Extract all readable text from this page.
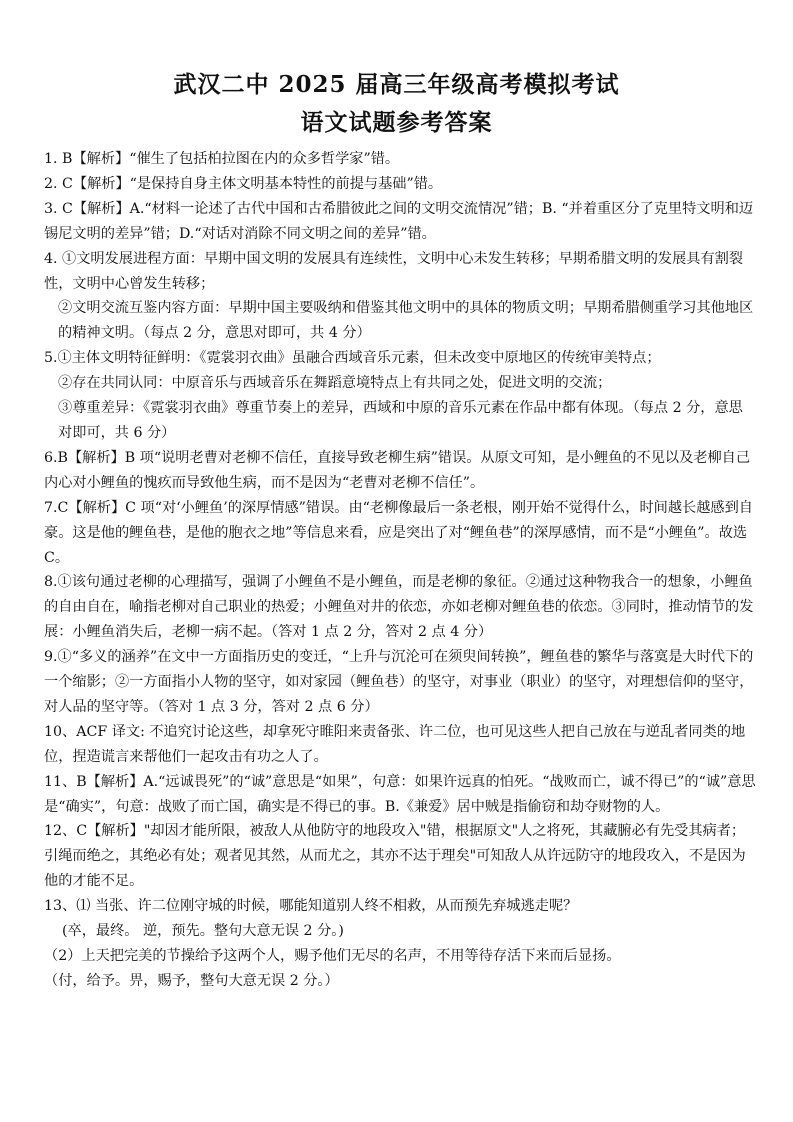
武汉二中 2025 届高三年级高考模拟考试
语文试题参考答案

1. B【解析】“催生了包括柏拉图在内的众多哲学家”错。

2. C【解析】“是保持自身主体文明基本特性的前提与基础”错。

3. C【解析】A.“材料一论述了古代中国和古希腊彼此之间的文明交流情况”错；B. “并着重区分了克里特文明和迈锡尼文明的差异”错；D.“对话对消除不同文明之间的差异”错。

4. ①文明发展进程方面：早期中国文明的发展具有连续性，文明中心未发生转移；早期希腊文明的发展具有割裂性，文明中心曾发生转移；

②文明交流互鉴内容方面：早期中国主要吸纳和借鉴其他文明中的具体的物质文明；早期希腊侧重学习其他地区的精神文明。（每点 2 分，意思对即可，共 4 分）

5.①主体文明特征鲜明：《霓裳羽衣曲》虽融合西域音乐元素，但未改变中原地区的传统审美特点；

②存在共同认同：中原音乐与西域音乐在舞蹈意境特点上有共同之处，促进文明的交流；

③尊重差异：《霓裳羽衣曲》尊重节奏上的差异，西域和中原的音乐元素在作品中都有体现。（每点 2 分，意思对即可，共 6 分）

6.B【解析】B 项“说明老曹对老柳不信任，直接导致老柳生病”错误。从原文可知，是小鲤鱼的不见以及老柳自己内心对小鲤鱼的愧疚而导致他生病，而不是因为“老曹对老柳不信任”。

7.C【解析】C 项“对‘小鲤鱼’的深厚情感”错误。由“老柳像最后一条老根，刚开始不觉得什么，时间越长越感到自豪。这是他的鲤鱼巷，是他的胞衣之地”等信息来看，应是突出了对“鲤鱼巷”的深厚感情，而不是“小鲤鱼”。故选 C。

8.①该句通过老柳的心理描写，强调了小鲤鱼不是小鲤鱼，而是老柳的象征。②通过这种物我合一的想象，小鲤鱼的自由自在，喻指老柳对自己职业的热爱；小鲤鱼对井的依恋，亦如老柳对鲤鱼巷的依恋。③同时，推动情节的发展：小鲤鱼消失后，老柳一病不起。（答对 1 点 2 分，答对 2 点 4 分）

9.①“多义的涵养”在文中一方面指历史的变迁，“上升与沉沦可在须臾间转换”，鲤鱼巷的繁华与落寞是大时代下的一个缩影；②一方面指小人物的坚守，如对家园（鲤鱼巷）的坚守，对事业（职业）的坚守，对理想信仰的坚守，对人品的坚守等。（答对 1 点 3 分，答对 2 点 6 分）

10、ACF 译文: 不追究讨论这些，却拿死守睢阳来责备张、许二位，也可见这些人把自己放在与逆乱者同类的地位，捏造谎言来帮他们一起攻击有功之人了。

11、B【解析】A.“远诚畏死”的“诚”意思是“如果”，句意：如果许远真的怕死。“战败而亡，诚不得已”的“诚”意思是“确实”，句意：战败了而亡国，确实是不得已的事。B.《兼爱》居中贼是指偷窃和劫夺财物的人。

12、C【解析】"却因才能所限，被敌人从他防守的地段攻入"错，根据原文"人之将死，其藏腑必有先受其病者；引绳而绝之，其绝必有处；观者见其然，从而尤之，其亦不达于理矣"可知敌人从许远防守的地段攻入，不是因为他的才能不足。

13、⑴ 当张、许二位刚守城的时候，哪能知道别人终不相救，从而预先弃城逃走呢？

(卒，最终。 逆，预先。整句大意无误 2 分。)

（2）上天把完美的节操给予这两个人，赐予他们无尽的名声，不用等待存活下来而后显扬。

（付，给予。畀，赐予，整句大意无误 2 分。）
